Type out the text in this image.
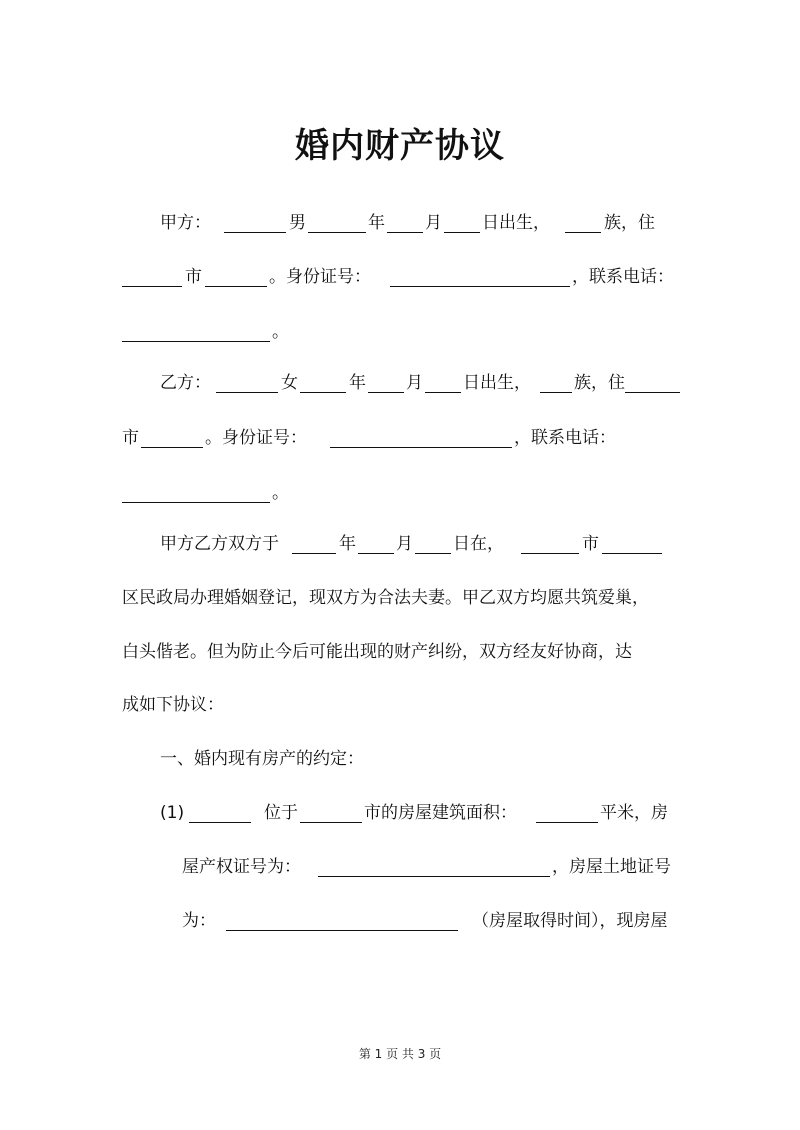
婚内财产协议
甲方：	男	年 月 日出生，	族，住
市	。身份证号：	，联系电话：
。
乙方：	女	年 月 日出生，	族，住
市	。身份证号：	，联系电话：
。
甲方乙方双方于	年 月 日在，	市
区民政局办理婚姻登记，现双方为合法夫妻。甲乙双方均愿共筑爱巢，
白头偕老。但为防止今后可能出现的财产纠纷，双方经友好协商，达
成如下协议：
一、婚内现有房产的约定：
(1)	位于	市的房屋建筑面积：	平米，房
屋产权证号为：	，房屋土地证号
为：	（房屋取得时间），现房屋
第 1 页 共 3 页
